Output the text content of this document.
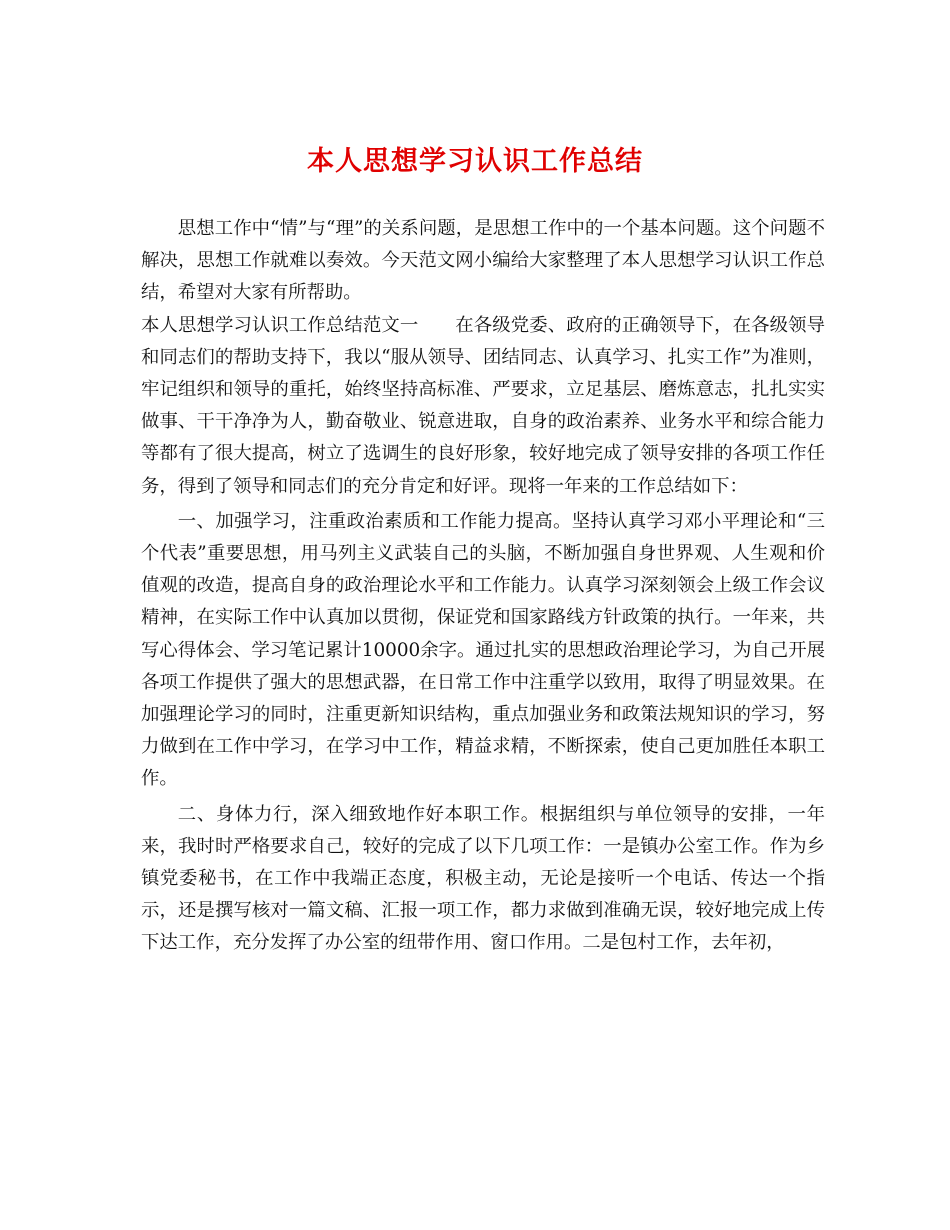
本人思想学习认识工作总结

思想工作中“情”与“理”的关系问题，是思想工作中的一个基本问题。这个问题不解决，思想工作就难以奏效。今天范文网小编给大家整理了本人思想学习认识工作总结，希望对大家有所帮助。

本人思想学习认识工作总结范文一　　在各级党委、政府的正确领导下，在各级领导和同志们的帮助支持下，我以“服从领导、团结同志、认真学习、扎实工作”为准则，牢记组织和领导的重托，始终坚持高标准、严要求，立足基层、磨炼意志，扎扎实实做事、干干净净为人，勤奋敬业、锐意进取，自身的政治素养、业务水平和综合能力等都有了很大提高，树立了选调生的良好形象，较好地完成了领导安排的各项工作任务，得到了领导和同志们的充分肯定和好评。现将一年来的工作总结如下：

一、加强学习，注重政治素质和工作能力提高。坚持认真学习邓小平理论和“三个代表”重要思想，用马列主义武装自己的头脑，不断加强自身世界观、人生观和价值观的改造，提高自身的政治理论水平和工作能力。认真学习深刻领会上级工作会议精神，在实际工作中认真加以贯彻，保证党和国家路线方针政策的执行。一年来，共写心得体会、学习笔记累计10000余字。通过扎实的思想政治理论学习，为自己开展各项工作提供了强大的思想武器，在日常工作中注重学以致用，取得了明显效果。在加强理论学习的同时，注重更新知识结构，重点加强业务和政策法规知识的学习，努力做到在工作中学习，在学习中工作，精益求精，不断探索，使自己更加胜任本职工作。

二、身体力行，深入细致地作好本职工作。根据组织与单位领导的安排，一年来，我时时严格要求自己，较好的完成了以下几项工作：一是镇办公室工作。作为乡镇党委秘书，在工作中我端正态度，积极主动，无论是接听一个电话、传达一个指示，还是撰写核对一篇文稿、汇报一项工作，都力求做到准确无误，较好地完成上传下达工作，充分发挥了办公室的纽带作用、窗口作用。二是包村工作，去年初，
